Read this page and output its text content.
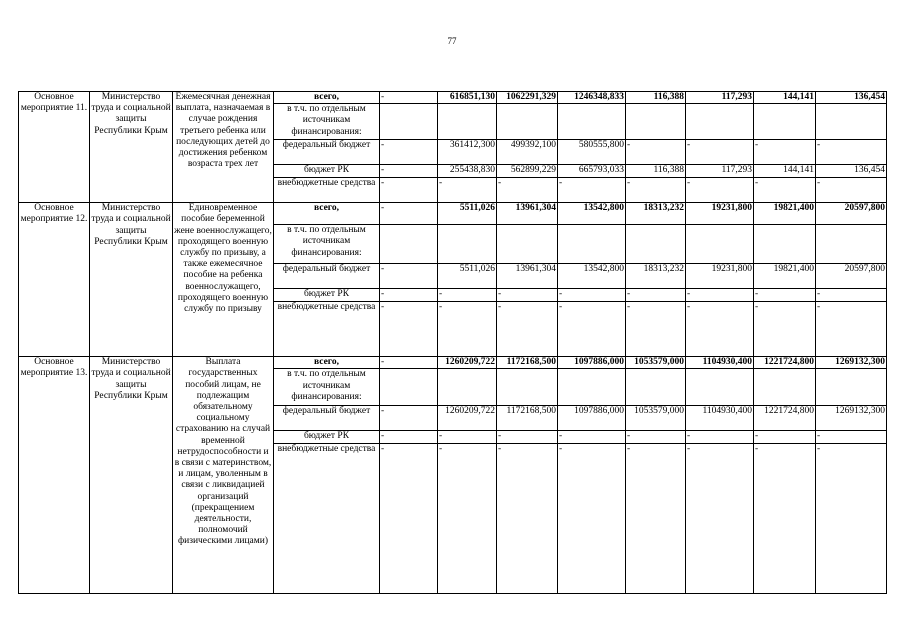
77
Основное мероприятие 11.	Министерство труда и социальной защиты Республики Крым	Ежемесячная денежная выплата, назначаемая в случае рождения третьего ребенка или последующих детей до достижения ребенком возраста трех лет	всего,	-	616851,130	1062291,329	1246348,833	116,388	117,293	144,141	136,454
			в т.ч. по отдельным источникам финансирования:								
			федеральный бюджет	-	361412,300	499392,100	580555,800	-	-	-	-
			бюджет РК	-	255438,830	562899,229	665793,033	116,388	117,293	144,141	136,454
			внебюджетные средства	-	-	-	-	-	-	-	-
Основное мероприятие 12.	Министерство труда и социальной защиты Республики Крым	Единовременное пособие беременной жене военнослужащего, проходящего военную службу по призыву, а также ежемесячное пособие на ребенка военнослужащего, проходящего военную службу по призыву	всего,	-	5511,026	13961,304	13542,800	18313,232	19231,800	19821,400	20597,800
			в т.ч. по отдельным источникам финансирования:								
			федеральный бюджет	-	5511,026	13961,304	13542,800	18313,232	19231,800	19821,400	20597,800
			бюджет РК	-	-	-	-	-	-	-	-
			внебюджетные средства	-	-	-	-	-	-	-	-
Основное мероприятие 13.	Министерство труда и социальной защиты Республики Крым	Выплата государственных пособий лицам, не подлежащим обязательному социальному страхованию на случай временной нетрудоспособности и в связи с материнством, и лицам, уволенным в связи с ликвидацией организаций (прекращением деятельности, полномочий физическими лицами)	всего,	-	1260209,722	1172168,500	1097886,000	1053579,000	1104930,400	1221724,800	1269132,300
			в т.ч. по отдельным источникам финансирования:								
			федеральный бюджет	-	1260209,722	1172168,500	1097886,000	1053579,000	1104930,400	1221724,800	1269132,300
			бюджет РК	-	-	-	-	-	-	-	-
			внебюджетные средства	-	-	-	-	-	-	-	-
